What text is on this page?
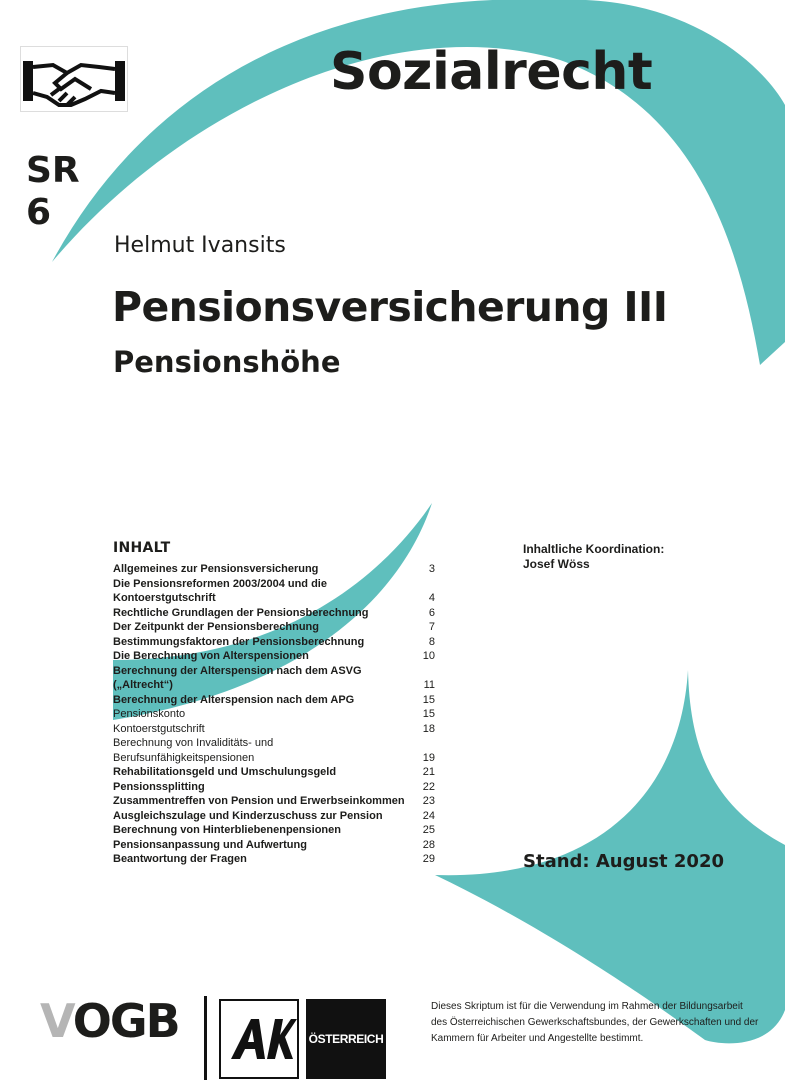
Sozialrecht
SR
6
Helmut Ivansits
Pensionsversicherung III
Pensionshöhe
INHALT
Allgemeines zur Pensionsversicherung	3
Die Pensionsreformen 2003/2004 und die Kontoerstgutschrift	4
Rechtliche Grundlagen der Pensionsberechnung	6
Der Zeitpunkt der Pensionsberechnung	7
Bestimmungsfaktoren der Pensionsberechnung	8
Die Berechnung von Alterspensionen	10
Berechnung der Alterspension nach dem ASVG („Altrecht“)	11
Berechnung der Alterspension nach dem APG	15
Pensionskonto	15
Kontoerstgutschrift	18
Berechnung von Invaliditäts- und Berufsunfähigkeitspensionen	19
Rehabilitationsgeld und Umschulungsgeld	21
Pensionssplitting	22
Zusammentreffen von Pension und Erwerbseinkommen	23
Ausgleichszulage und Kinderzuschuss zur Pension	24
Berechnung von Hinterbliebenenpensionen	25
Pensionsanpassung und Aufwertung	28
Beantwortung der Fragen	29
Inhaltliche Koordination:
Josef Wöss
Stand: August 2020
VOGB	ÖSTERREICH
Dieses Skriptum ist für die Verwendung im Rahmen der Bildungsarbeit des Österreichischen Gewerkschaftsbundes, der Gewerkschaften und der Kammern für Arbeiter und Angestellte bestimmt.
